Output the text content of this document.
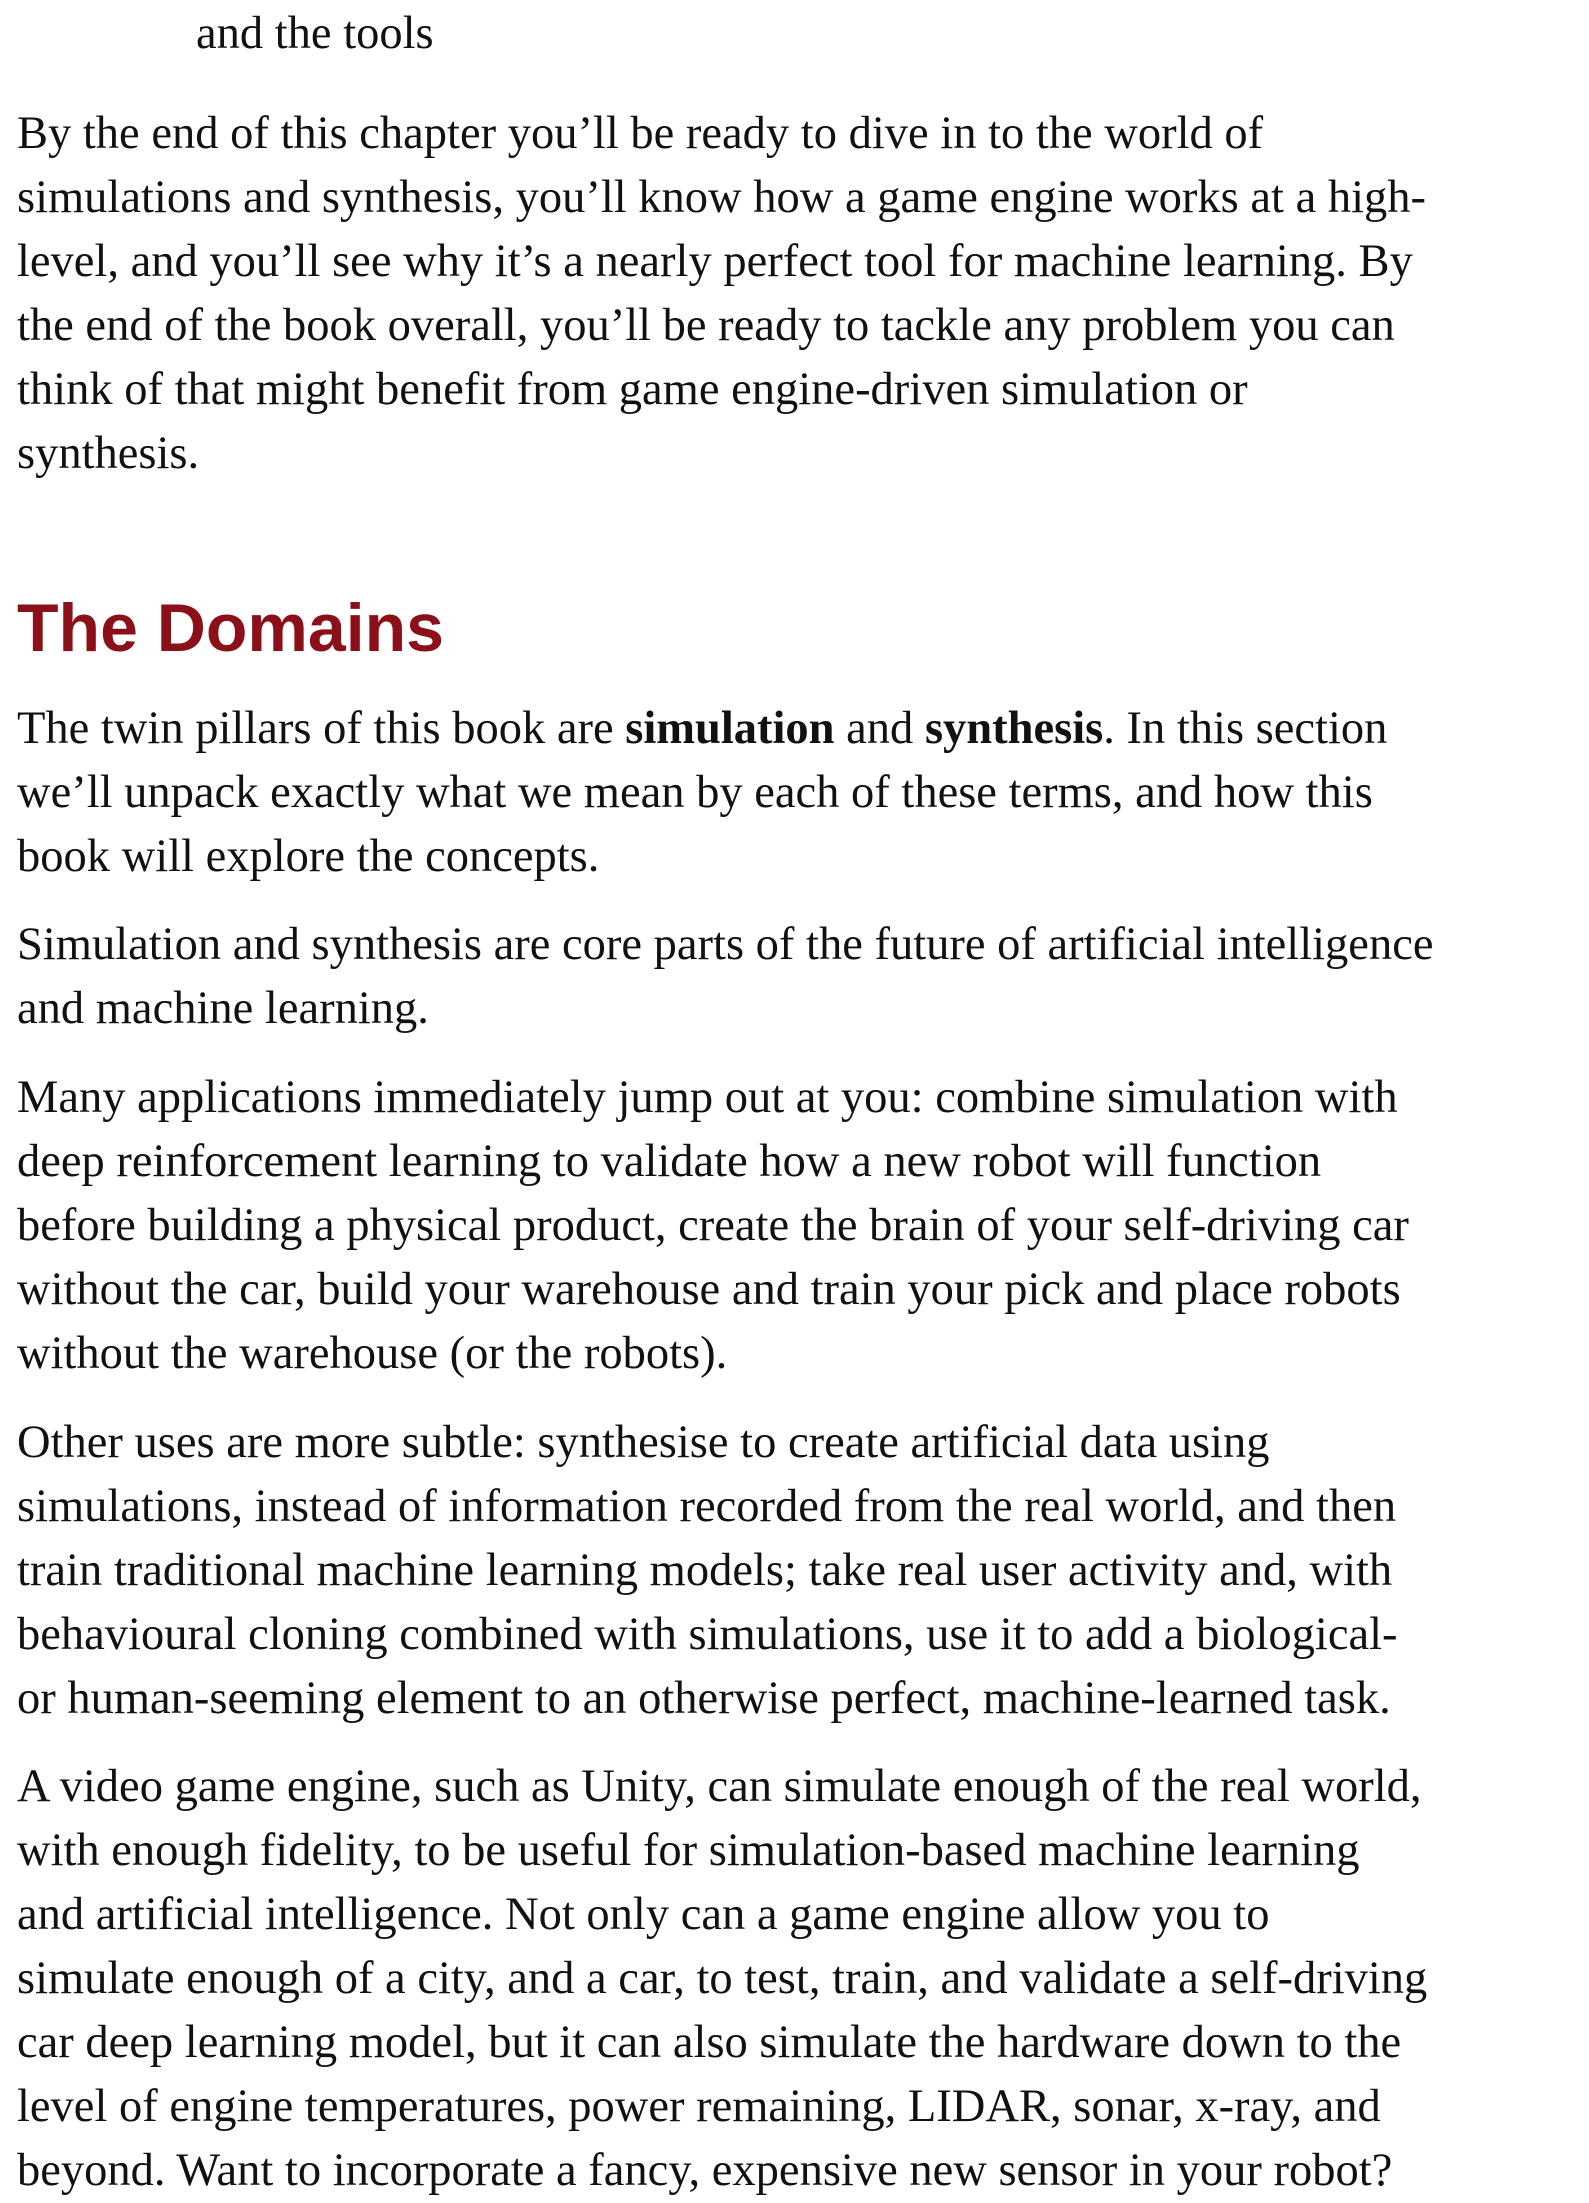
and the tools

By the end of this chapter you’ll be ready to dive in to the world of
simulations and synthesis, you’ll know how a game engine works at a high-
level, and you’ll see why it’s a nearly perfect tool for machine learning. By
the end of the book overall, you’ll be ready to tackle any problem you can
think of that might benefit from game engine-driven simulation or
synthesis.

The Domains

The twin pillars of this book are simulation and synthesis. In this section
we’ll unpack exactly what we mean by each of these terms, and how this
book will explore the concepts.

Simulation and synthesis are core parts of the future of artificial intelligence
and machine learning.

Many applications immediately jump out at you: combine simulation with
deep reinforcement learning to validate how a new robot will function
before building a physical product, create the brain of your self-driving car
without the car, build your warehouse and train your pick and place robots
without the warehouse (or the robots).

Other uses are more subtle: synthesise to create artificial data using
simulations, instead of information recorded from the real world, and then
train traditional machine learning models; take real user activity and, with
behavioural cloning combined with simulations, use it to add a biological-
or human-seeming element to an otherwise perfect, machine-learned task.

A video game engine, such as Unity, can simulate enough of the real world,
with enough fidelity, to be useful for simulation-based machine learning
and artificial intelligence. Not only can a game engine allow you to
simulate enough of a city, and a car, to test, train, and validate a self-driving
car deep learning model, but it can also simulate the hardware down to the
level of engine temperatures, power remaining, LIDAR, sonar, x-ray, and
beyond. Want to incorporate a fancy, expensive new sensor in your robot?
